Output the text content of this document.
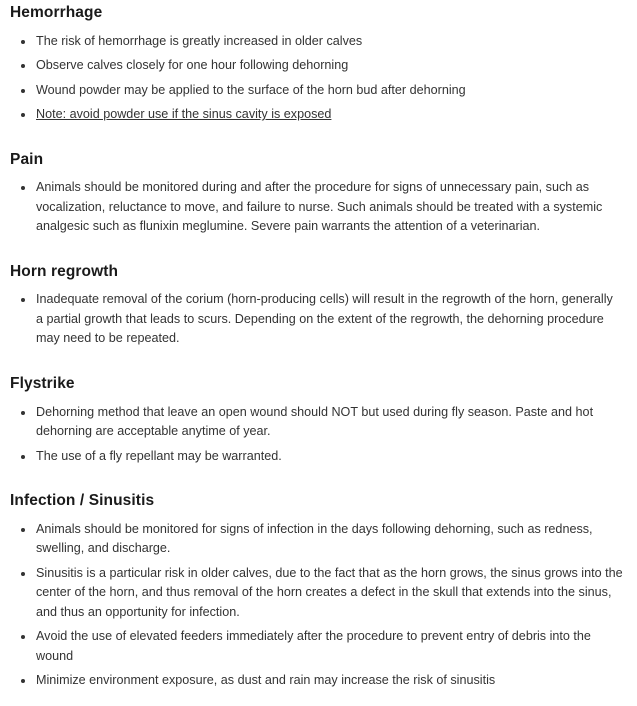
Hemorrhage
The risk of hemorrhage is greatly increased in older calves
Observe calves closely for one hour following dehorning
Wound powder may be applied to the surface of the horn bud after dehorning
Note: avoid powder use if the sinus cavity is exposed
Pain
Animals should be monitored during and after the procedure for signs of unnecessary pain, such as vocalization, reluctance to move, and failure to nurse. Such animals should be treated with a systemic analgesic such as flunixin meglumine. Severe pain warrants the attention of a veterinarian.
Horn regrowth
Inadequate removal of the corium (horn-producing cells) will result in the regrowth of the horn, generally a partial growth that leads to scurs. Depending on the extent of the regrowth, the dehorning procedure may need to be repeated.
Flystrike
Dehorning method that leave an open wound should NOT but used during fly season. Paste and hot dehorning are acceptable anytime of year.
The use of a fly repellant may be warranted.
Infection / Sinusitis
Animals should be monitored for signs of infection in the days following dehorning, such as redness, swelling, and discharge.
Sinusitis is a particular risk in older calves, due to the fact that as the horn grows, the sinus grows into the center of the horn, and thus removal of the horn creates a defect in the skull that extends into the sinus, and thus an opportunity for infection.
Avoid the use of elevated feeders immediately after the procedure to prevent entry of debris into the wound
Minimize environment exposure, as dust and rain may increase the risk of sinusitis
